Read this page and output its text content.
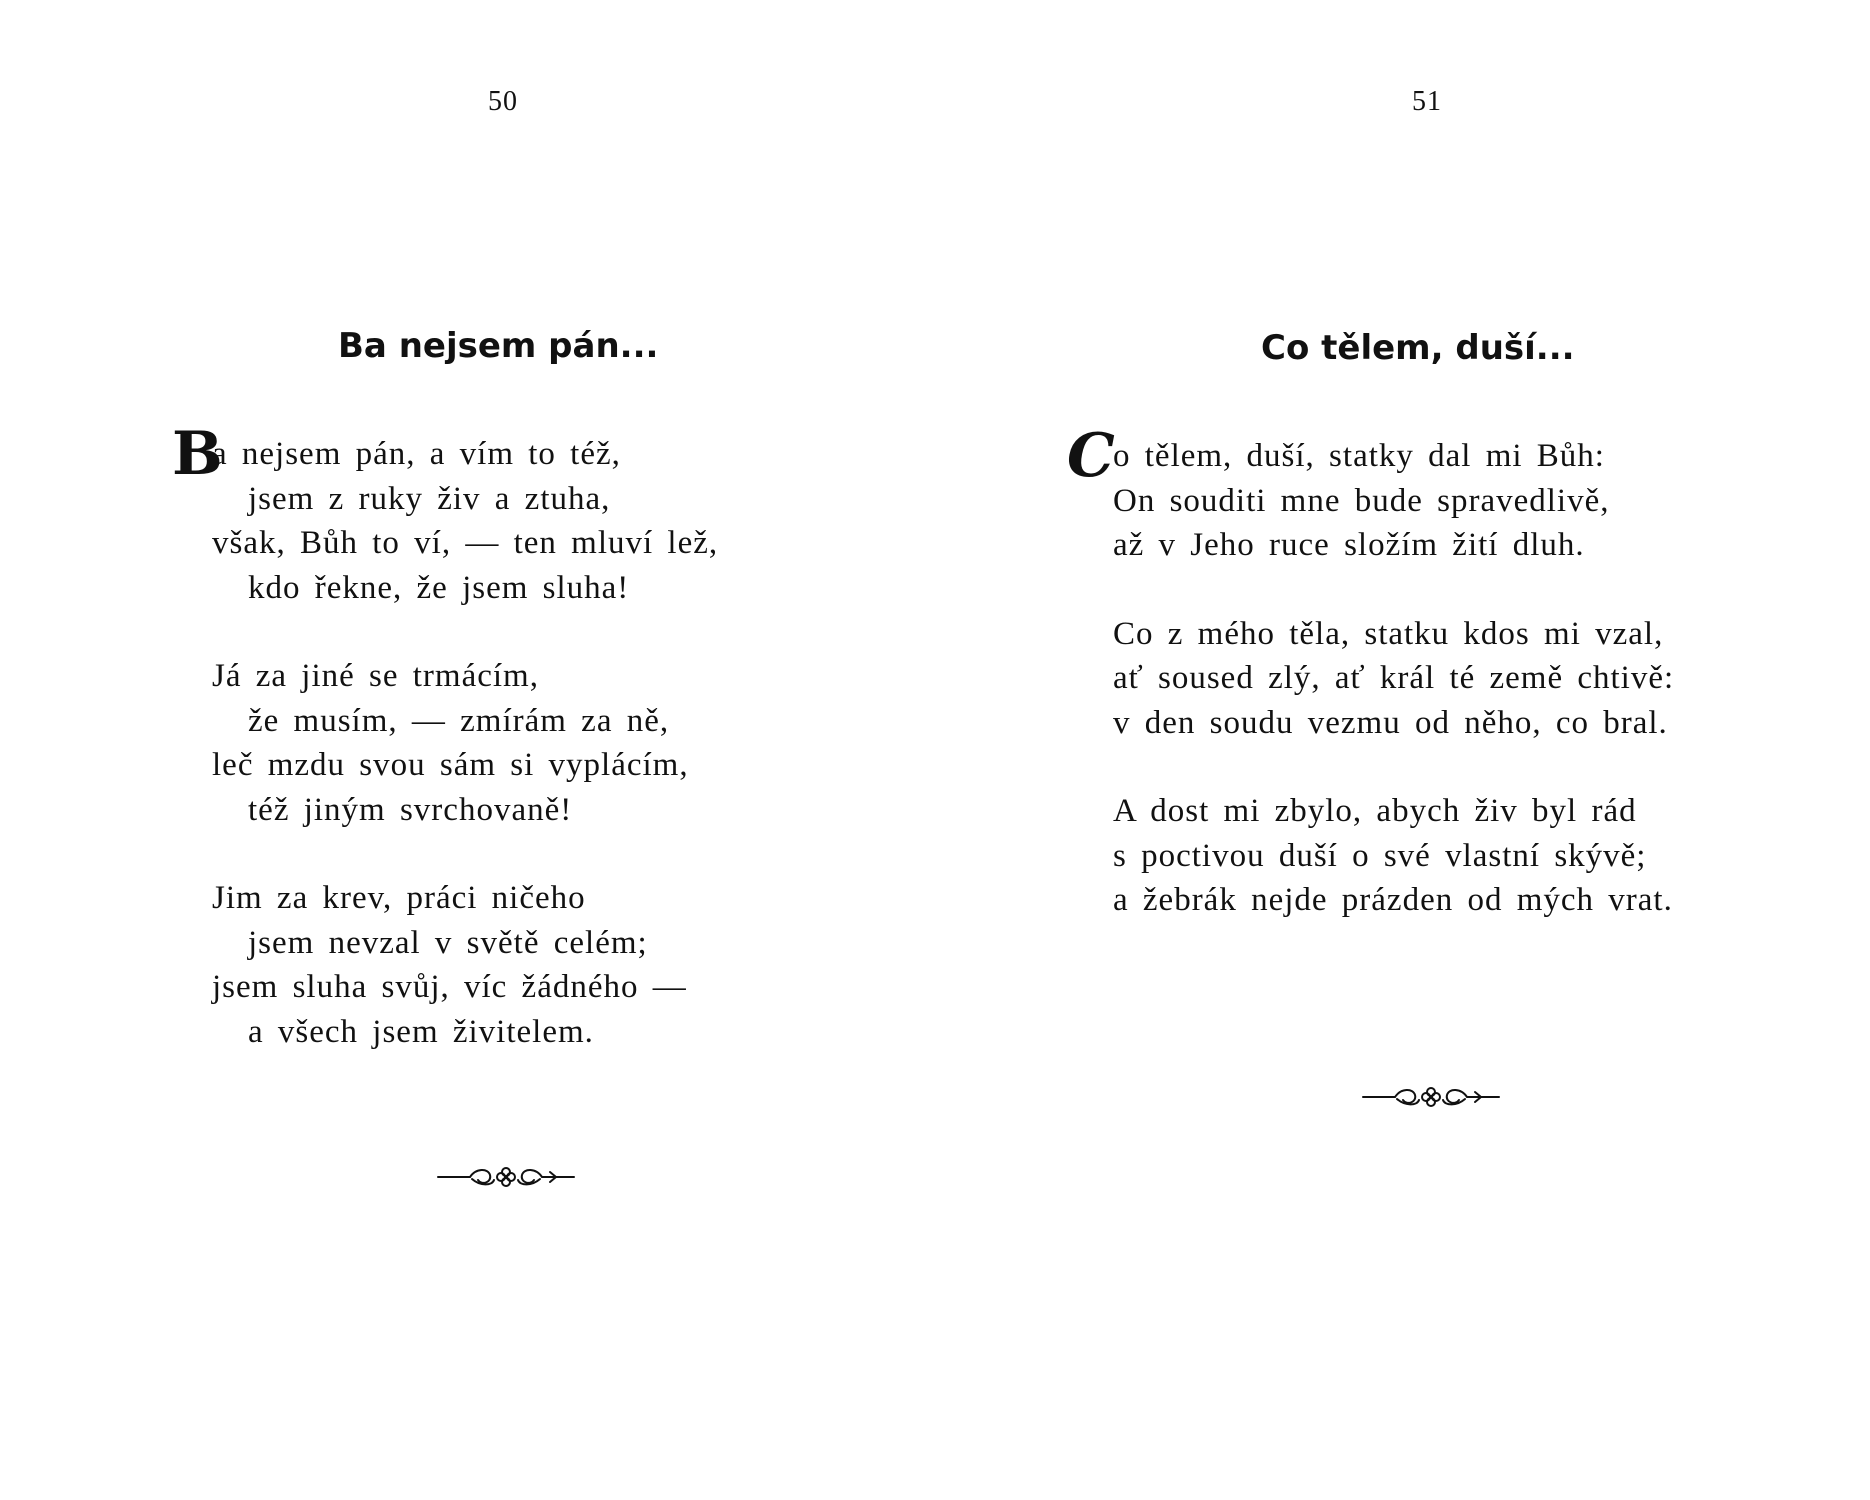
50
Ba nejsem pán...
B
a nejsem pán, a vím to též,
jsem z ruky živ a ztuha,
však, Bůh to ví, — ten mluví lež,
kdo řekne, že jsem sluha!
Já za jiné se trmácím,
že musím, — zmírám za ně,
leč mzdu svou sám si vyplácím,
též jiným svrchovaně!
Jim za krev, práci ničeho
jsem nevzal v světě celém;
jsem sluha svůj, víc žádného —
a všech jsem živitelem.
51
Co tělem, duší...
C
o tělem, duší, statky dal mi Bůh:
On souditi mne bude spravedlivě,
až v Jeho ruce složím žití dluh.
Co z mého těla, statku kdos mi vzal,
ať soused zlý, ať král té země chtivě:
v den soudu vezmu od něho, co bral.
A dost mi zbylo, abych živ byl rád
s poctivou duší o své vlastní skývě;
a žebrák nejde prázden od mých vrat.
